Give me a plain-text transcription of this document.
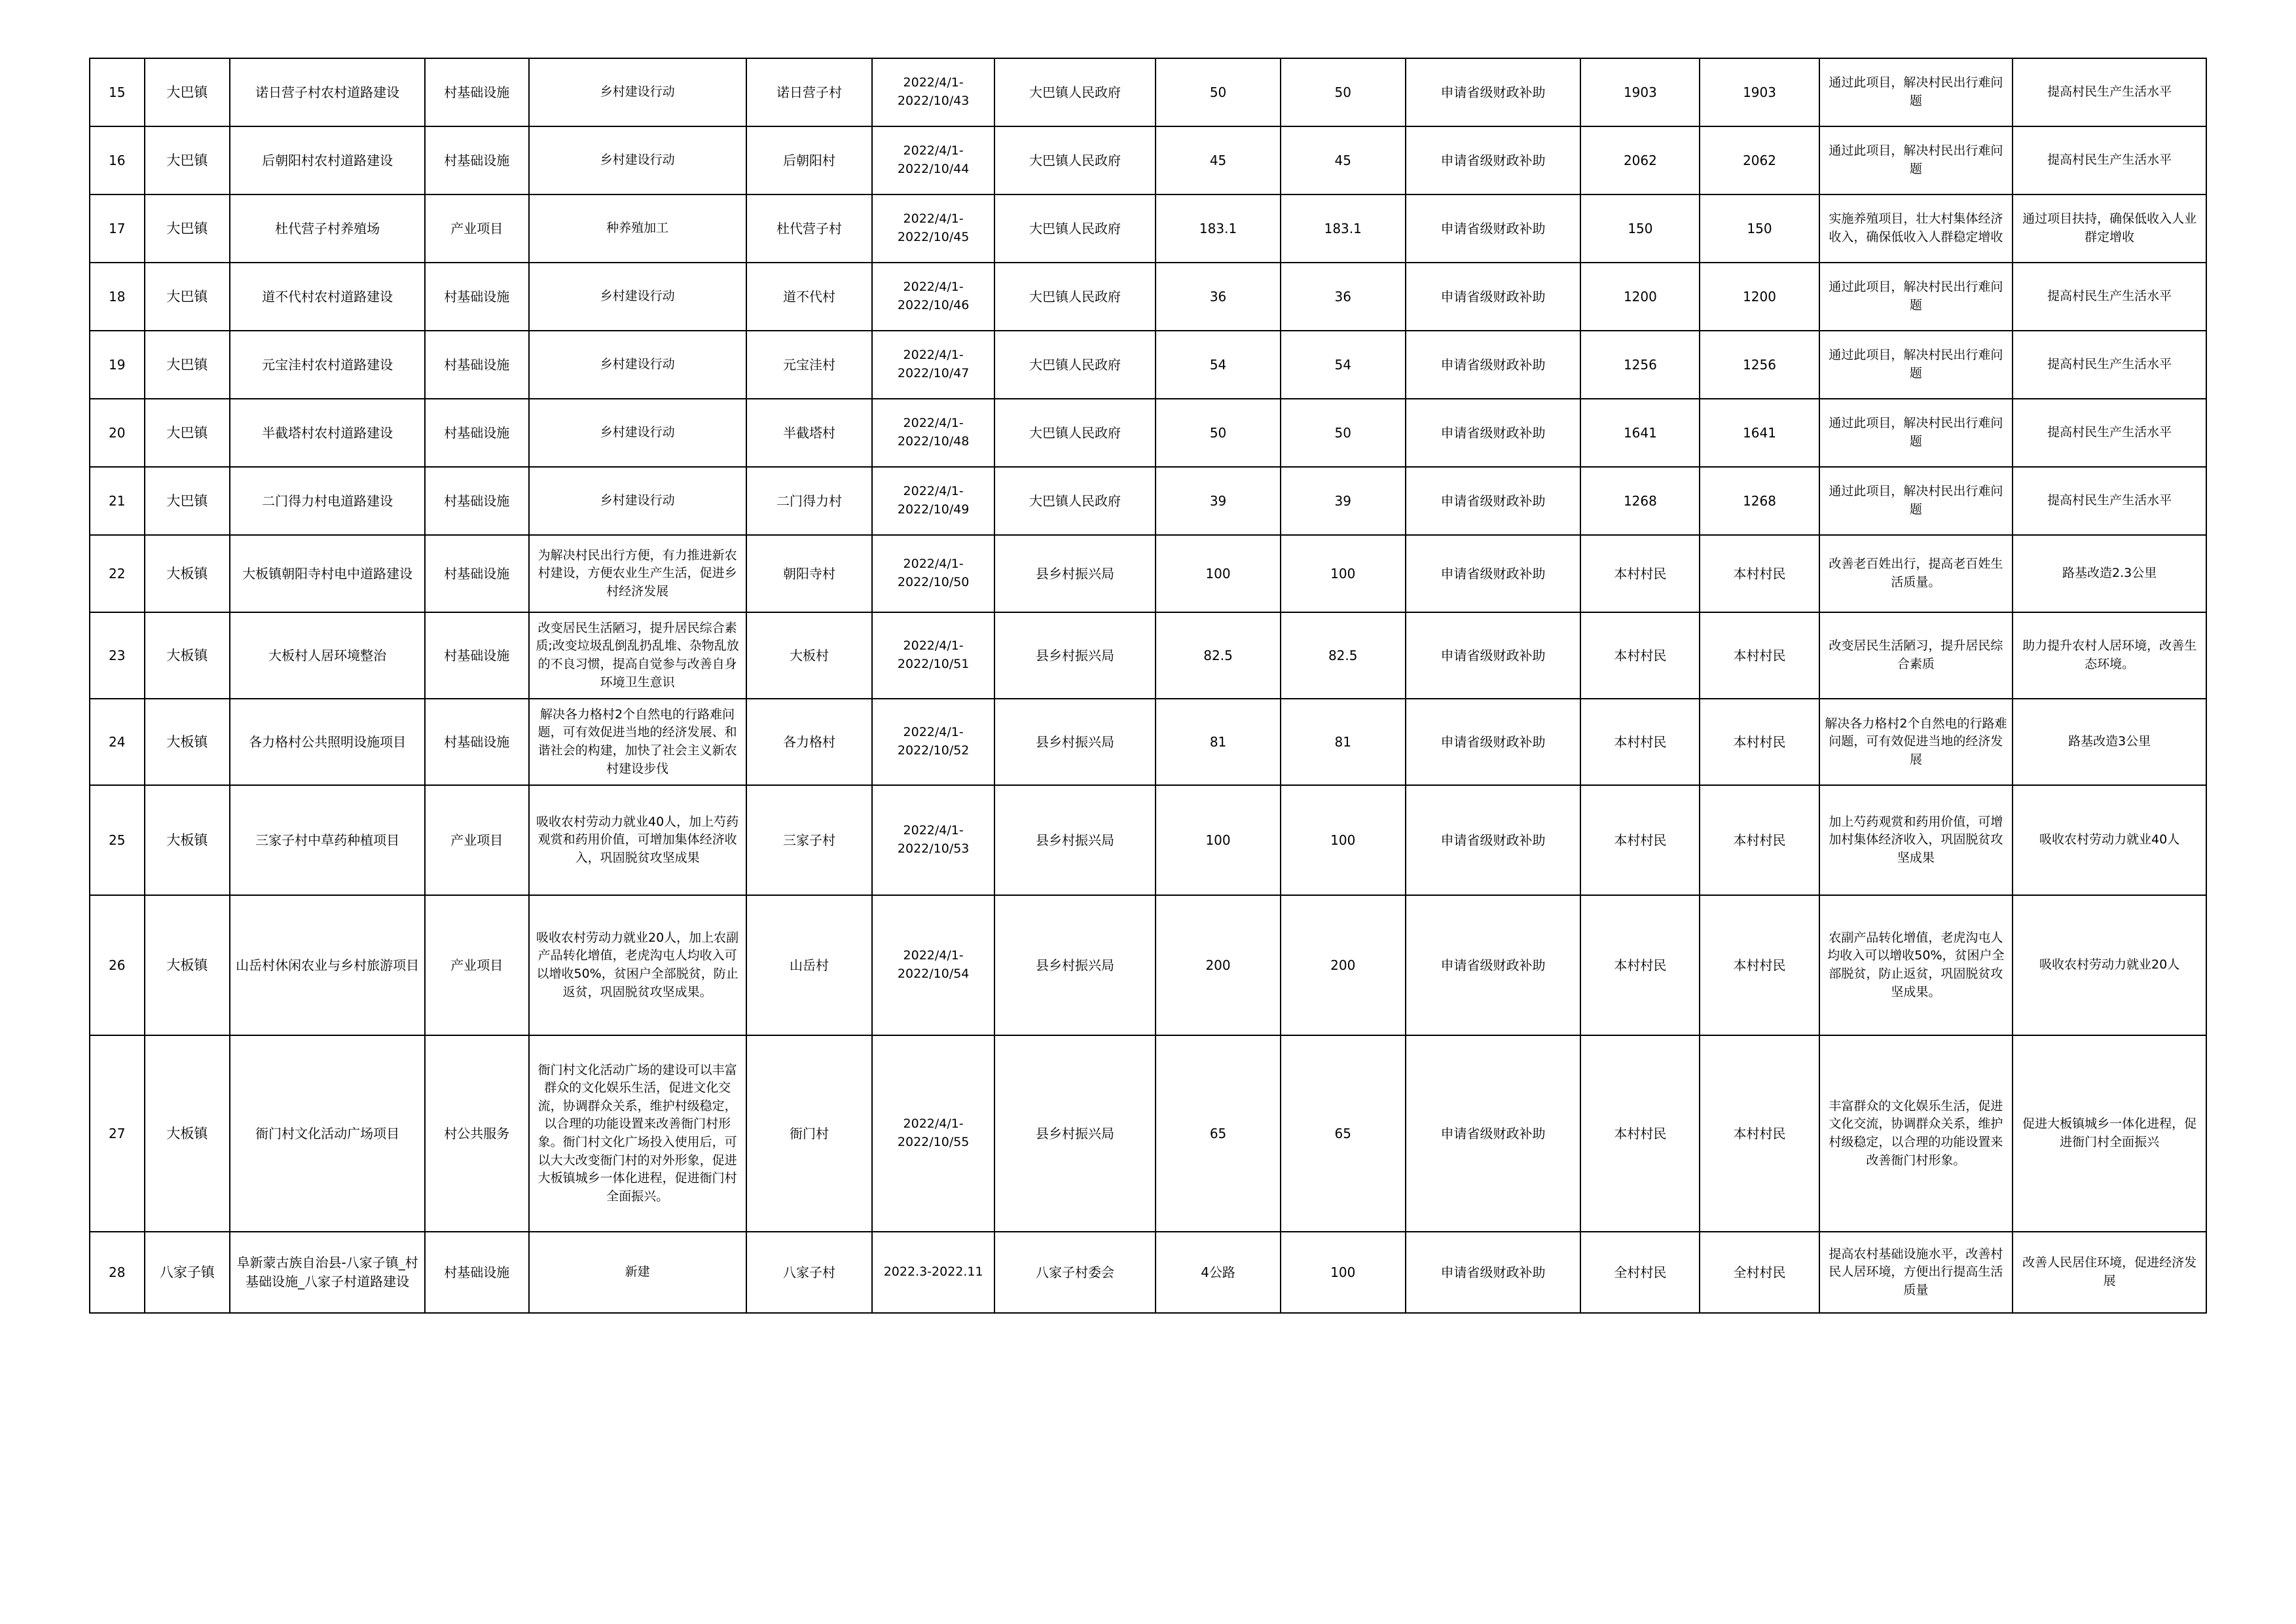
15	大巴镇	诺日营子村农村道路建设	村基础设施	乡村建设行动	诺日营子村	2022/4/1-2022/10/43	大巴镇人民政府	50	50	申请省级财政补助	1903	1903	通过此项目，解决村民出行难问题	提高村民生产生活水平
16	大巴镇	后朝阳村农村道路建设	村基础设施	乡村建设行动	后朝阳村	2022/4/1-2022/10/44	大巴镇人民政府	45	45	申请省级财政补助	2062	2062	通过此项目，解决村民出行难问题	提高村民生产生活水平
17	大巴镇	杜代营子村养殖场	产业项目	种养殖加工	杜代营子村	2022/4/1-2022/10/45	大巴镇人民政府	183.1	183.1	申请省级财政补助	150	150	实施养殖项目，壮大村集体经济收入，确保低收入人群稳定增收	通过项目扶持，确保低收入人业群定增收
18	大巴镇	道不代村农村道路建设	村基础设施	乡村建设行动	道不代村	2022/4/1-2022/10/46	大巴镇人民政府	36	36	申请省级财政补助	1200	1200	通过此项目，解决村民出行难问题	提高村民生产生活水平
19	大巴镇	元宝洼村农村道路建设	村基础设施	乡村建设行动	元宝洼村	2022/4/1-2022/10/47	大巴镇人民政府	54	54	申请省级财政补助	1256	1256	通过此项目，解决村民出行难问题	提高村民生产生活水平
20	大巴镇	半截塔村农村道路建设	村基础设施	乡村建设行动	半截塔村	2022/4/1-2022/10/48	大巴镇人民政府	50	50	申请省级财政补助	1641	1641	通过此项目，解决村民出行难问题	提高村民生产生活水平
21	大巴镇	二门得力村电道路建设	村基础设施	乡村建设行动	二门得力村	2022/4/1-2022/10/49	大巴镇人民政府	39	39	申请省级财政补助	1268	1268	通过此项目，解决村民出行难问题	提高村民生产生活水平
22	大板镇	大板镇朝阳寺村电中道路建设	村基础设施	为解决村民出行方便，有力推进新农村建设，方便农业生产生活，促进乡村经济发展	朝阳寺村	2022/4/1-2022/10/50	县乡村振兴局	100	100	申请省级财政补助	本村村民	本村村民	改善老百姓出行，提高老百姓生活质量。	路基改造2.3公里
23	大板镇	大板村人居环境整治	村基础设施	改变居民生活陋习，提升居民综合素质;改变垃圾乱倒乱扔乱堆、杂物乱放的不良习惯，提高自觉参与改善自身环境卫生意识	大板村	2022/4/1-2022/10/51	县乡村振兴局	82.5	82.5	申请省级财政补助	本村村民	本村村民	改变居民生活陋习，提升居民综合素质	助力提升农村人居环境，改善生态环境。
24	大板镇	各力格村公共照明设施项目	村基础设施	解决各力格村2个自然电的行路难问题，可有效促进当地的经济发展、和谐社会的构建，加快了社会主义新农村建设步伐	各力格村	2022/4/1-2022/10/52	县乡村振兴局	81	81	申请省级财政补助	本村村民	本村村民	解决各力格村2个自然电的行路难问题，可有效促进当地的经济发展	路基改造3公里
25	大板镇	三家子村中草药种植项目	产业项目	吸收农村劳动力就业40人，加上芍药观赏和药用价值，可增加集体经济收入，巩固脱贫攻坚成果	三家子村	2022/4/1-2022/10/53	县乡村振兴局	100	100	申请省级财政补助	本村村民	本村村民	加上芍药观赏和药用价值，可增加村集体经济收入，巩固脱贫攻坚成果	吸收农村劳动力就业40人
26	大板镇	山岳村休闲农业与乡村旅游项目	产业项目	吸收农村劳动力就业20人，加上农副产品转化增值，老虎沟屯人均收入可以增收50%，贫困户全部脱贫，防止返贫，巩固脱贫攻坚成果。	山岳村	2022/4/1-2022/10/54	县乡村振兴局	200	200	申请省级财政补助	本村村民	本村村民	农副产品转化增值，老虎沟屯人均收入可以增收50%，贫困户全部脱贫，防止返贫，巩固脱贫攻坚成果。	吸收农村劳动力就业20人
27	大板镇	衙门村文化活动广场项目	村公共服务	衙门村文化活动广场的建设可以丰富群众的文化娱乐生活，促进文化交流，协调群众关系，维护村级稳定，以合理的功能设置来改善衙门村形象。衙门村文化广场投入使用后，可以大大改变衙门村的对外形象，促进大板镇城乡一体化进程，促进衙门村全面振兴。	衙门村	2022/4/1-2022/10/55	县乡村振兴局	65	65	申请省级财政补助	本村村民	本村村民	丰富群众的文化娱乐生活，促进文化交流，协调群众关系，维护村级稳定，以合理的功能设置来改善衙门村形象。	促进大板镇城乡一体化进程，促进衙门村全面振兴
28	八家子镇	阜新蒙古族自治县-八家子镇_村基础设施_八家子村道路建设	村基础设施	新建	八家子村	2022.3-2022.11	八家子村委会	4公路	100	申请省级财政补助	全村村民	全村村民	提高农村基础设施水平，改善村民人居环境，方便出行提高生活质量	改善人民居住环境，促进经济发展
